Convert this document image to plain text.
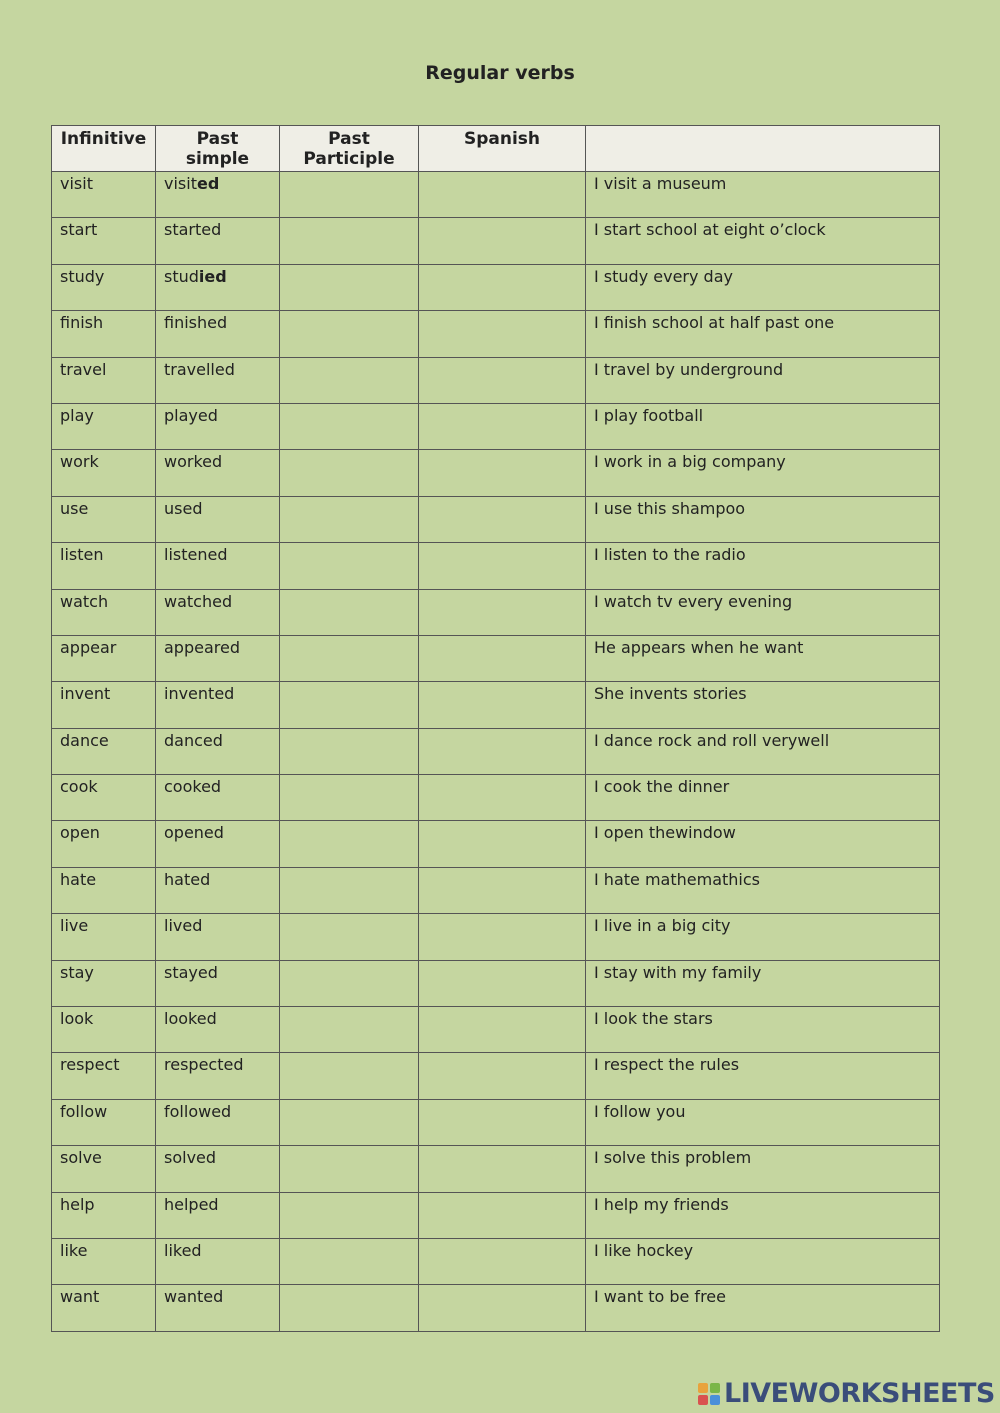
Regular verbs
Infinitive	Past simple	Past Participle	Spanish	
visit	visited			I visit a museum
start	started			I start school at eight o’clock
study	studied			I study every day
finish	finished			I finish school at half past one
travel	travelled			I travel by underground
play	played			I play football
work	worked			I work in a big company
use	used			I use this shampoo
listen	listened			I listen to the radio
watch	watched			I watch tv every evening
appear	appeared			He appears when he want
invent	invented			She invents stories
dance	danced			I dance rock and roll verywell
cook	cooked			I cook the dinner
open	opened			I open thewindow
hate	hated			I hate mathemathics
live	lived			I live in a big city
stay	stayed			I stay with my family
look	looked			I look the stars
respect	respected			I respect the rules
follow	followed			I follow you
solve	solved			I solve this problem
help	helped			I help my friends
like	liked			I like hockey
want	wanted			I want to be free
LIVEWORKSHEETS
